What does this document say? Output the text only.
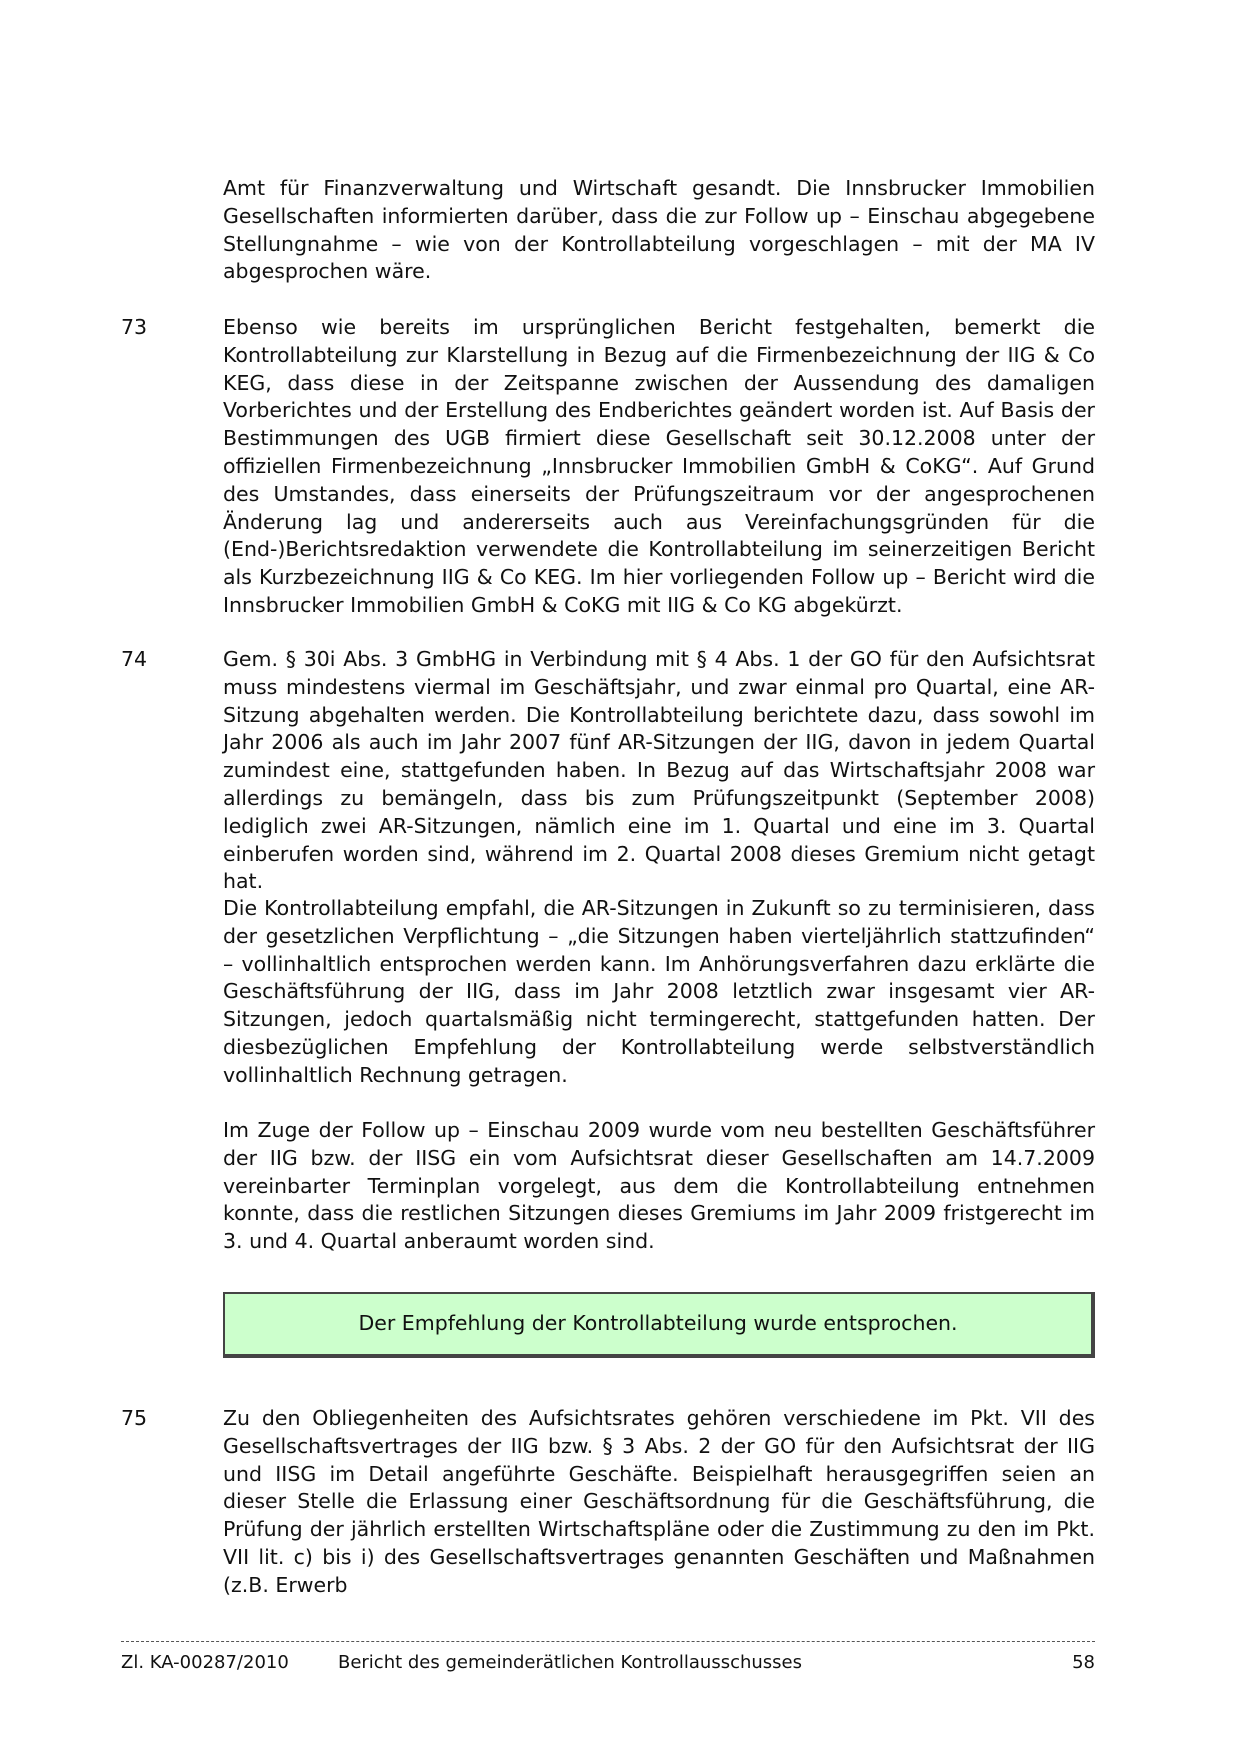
Amt für Finanzverwaltung und Wirtschaft gesandt. Die Innsbrucker Immobilien Gesellschaften informierten darüber, dass die zur Follow up – Einschau abgegebene Stellungnahme – wie von der Kontrollabteilung vorgeschlagen – mit der MA IV abgesprochen wäre.
73	Ebenso wie bereits im ursprünglichen Bericht festgehalten, bemerkt die Kontrollabteilung zur Klarstellung in Bezug auf die Firmenbezeichnung der IIG & Co KEG, dass diese in der Zeitspanne zwischen der Aussendung des damaligen Vorberichtes und der Erstellung des Endberichtes geändert worden ist. Auf Basis der Bestimmungen des UGB firmiert diese Gesellschaft seit 30.12.2008 unter der offiziellen Firmenbezeichnung „Innsbrucker Immobilien GmbH & CoKG“. Auf Grund des Umstandes, dass einerseits der Prüfungszeitraum vor der angesprochenen Änderung lag und andererseits auch aus Vereinfachungsgründen für die (End-)Berichtsredaktion verwendete die Kontrollabteilung im seinerzeitigen Bericht als Kurzbezeichnung IIG & Co KEG. Im hier vorliegenden Follow up – Bericht wird die Innsbrucker Immobilien GmbH & CoKG mit IIG & Co KG abgekürzt.
74	Gem. § 30i Abs. 3 GmbHG in Verbindung mit § 4 Abs. 1 der GO für den Aufsichtsrat muss mindestens viermal im Geschäftsjahr, und zwar einmal pro Quartal, eine AR-Sitzung abgehalten werden. Die Kontrollabteilung berichtete dazu, dass sowohl im Jahr 2006 als auch im Jahr 2007 fünf AR-Sitzungen der IIG, davon in jedem Quartal zumindest eine, stattgefunden haben. In Bezug auf das Wirtschaftsjahr 2008 war allerdings zu bemängeln, dass bis zum Prüfungszeitpunkt (September 2008) lediglich zwei AR-Sitzungen, nämlich eine im 1. Quartal und eine im 3. Quartal einberufen worden sind, während im 2. Quartal 2008 dieses Gremium nicht getagt hat.
Die Kontrollabteilung empfahl, die AR-Sitzungen in Zukunft so zu terminisieren, dass der gesetzlichen Verpflichtung – „die Sitzungen haben vierteljährlich stattzufinden“ – vollinhaltlich entsprochen werden kann. Im Anhörungsverfahren dazu erklärte die Geschäftsführung der IIG, dass im Jahr 2008 letztlich zwar insgesamt vier AR-Sitzungen, jedoch quartalsmäßig nicht termingerecht, stattgefunden hatten. Der diesbezüglichen Empfehlung der Kontrollabteilung werde selbstverständlich vollinhaltlich Rechnung getragen.
Im Zuge der Follow up – Einschau 2009 wurde vom neu bestellten Geschäftsführer der IIG bzw. der IISG ein vom Aufsichtsrat dieser Gesellschaften am 14.7.2009 vereinbarter Terminplan vorgelegt, aus dem die Kontrollabteilung entnehmen konnte, dass die restlichen Sitzungen dieses Gremiums im Jahr 2009 fristgerecht im 3. und 4. Quartal anberaumt worden sind.
Der Empfehlung der Kontrollabteilung wurde entsprochen.
75	Zu den Obliegenheiten des Aufsichtsrates gehören verschiedene im Pkt. VII des Gesellschaftsvertrages der IIG bzw. § 3 Abs. 2 der GO für den Aufsichtsrat der IIG und IISG im Detail angeführte Geschäfte. Beispielhaft herausgegriffen seien an dieser Stelle die Erlassung einer Geschäftsordnung für die Geschäftsführung, die Prüfung der jährlich erstellten Wirtschaftspläne oder die Zustimmung zu den im Pkt. VII lit. c) bis i) des Gesellschaftsvertrages genannten Geschäften und Maßnahmen (z.B. Erwerb
Zl. KA-00287/2010	Bericht des gemeinderätlichen Kontrollausschusses	58
